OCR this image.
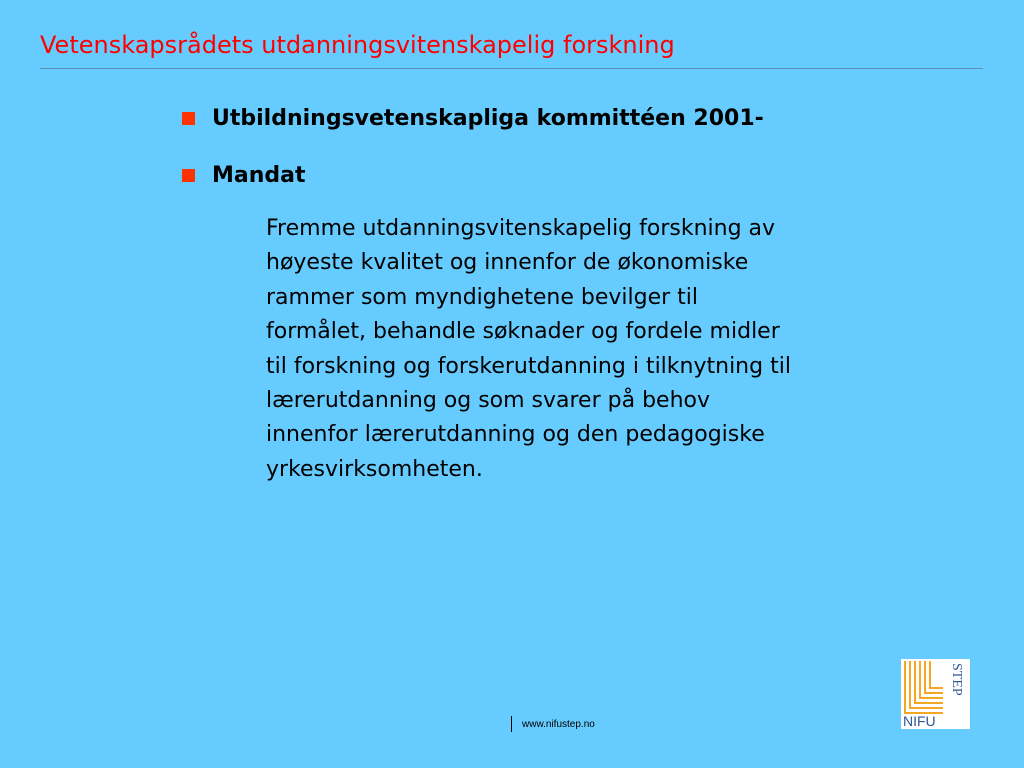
Vetenskapsrådets utdanningsvitenskapelig forskning
Utbildningsvetenskapliga kommittéen 2001-
Mandat
Fremme utdanningsvitenskapelig forskning av
høyeste kvalitet og innenfor de økonomiske
rammer som myndighetene bevilger til
formålet, behandle søknader og fordele midler
til forskning og forskerutdanning i tilknytning til
lærerutdanning og som svarer på behov
innenfor lærerutdanning og den pedagogiske
yrkesvirksomheten.
www.nifustep.no	NIFU
STEP
